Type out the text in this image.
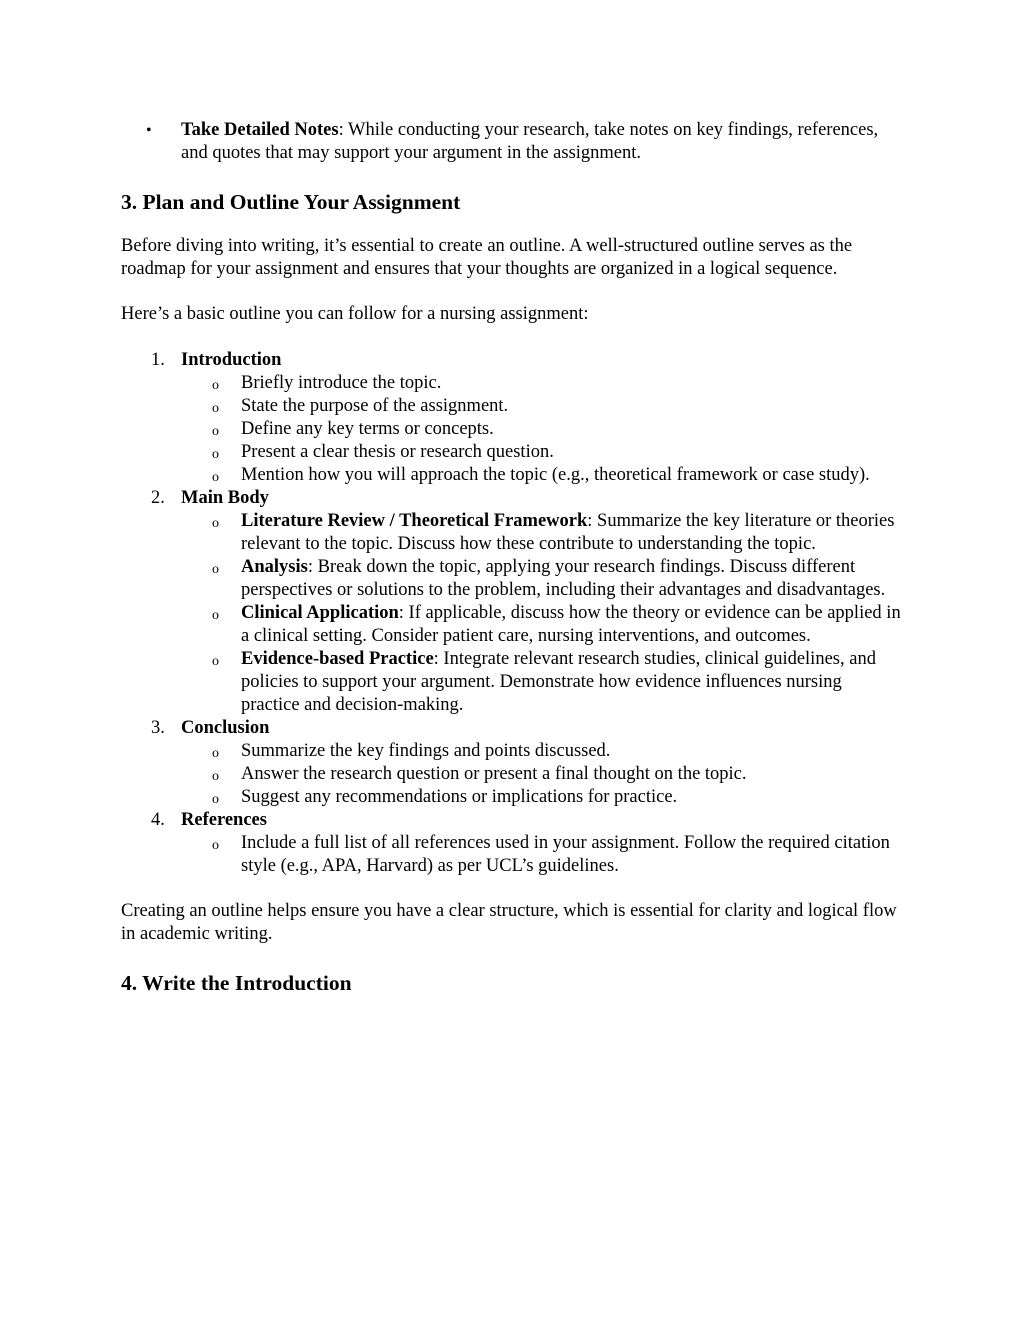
• Take Detailed Notes: While conducting your research, take notes on key findings, references, and quotes that may support your argument in the assignment.
3. Plan and Outline Your Assignment

Before diving into writing, it’s essential to create an outline. A well-structured outline serves as the roadmap for your assignment and ensures that your thoughts are organized in a logical sequence.

Here’s a basic outline you can follow for a nursing assignment:

1. Introduction
o Briefly introduce the topic.
o State the purpose of the assignment.
o Define any key terms or concepts.
o Present a clear thesis or research question.
o Mention how you will approach the topic (e.g., theoretical framework or case study).
2. Main Body
o Literature Review / Theoretical Framework: Summarize the key literature or theories relevant to the topic. Discuss how these contribute to understanding the topic.
o Analysis: Break down the topic, applying your research findings. Discuss different perspectives or solutions to the problem, including their advantages and disadvantages.
o Clinical Application: If applicable, discuss how the theory or evidence can be applied in a clinical setting. Consider patient care, nursing interventions, and outcomes.
o Evidence-based Practice: Integrate relevant research studies, clinical guidelines, and policies to support your argument. Demonstrate how evidence influences nursing practice and decision-making.
3. Conclusion
o Summarize the key findings and points discussed.
o Answer the research question or present a final thought on the topic.
o Suggest any recommendations or implications for practice.
4. References
o Include a full list of all references used in your assignment. Follow the required citation style (e.g., APA, Harvard) as per UCL’s guidelines.

Creating an outline helps ensure you have a clear structure, which is essential for clarity and logical flow in academic writing.

4. Write the Introduction
